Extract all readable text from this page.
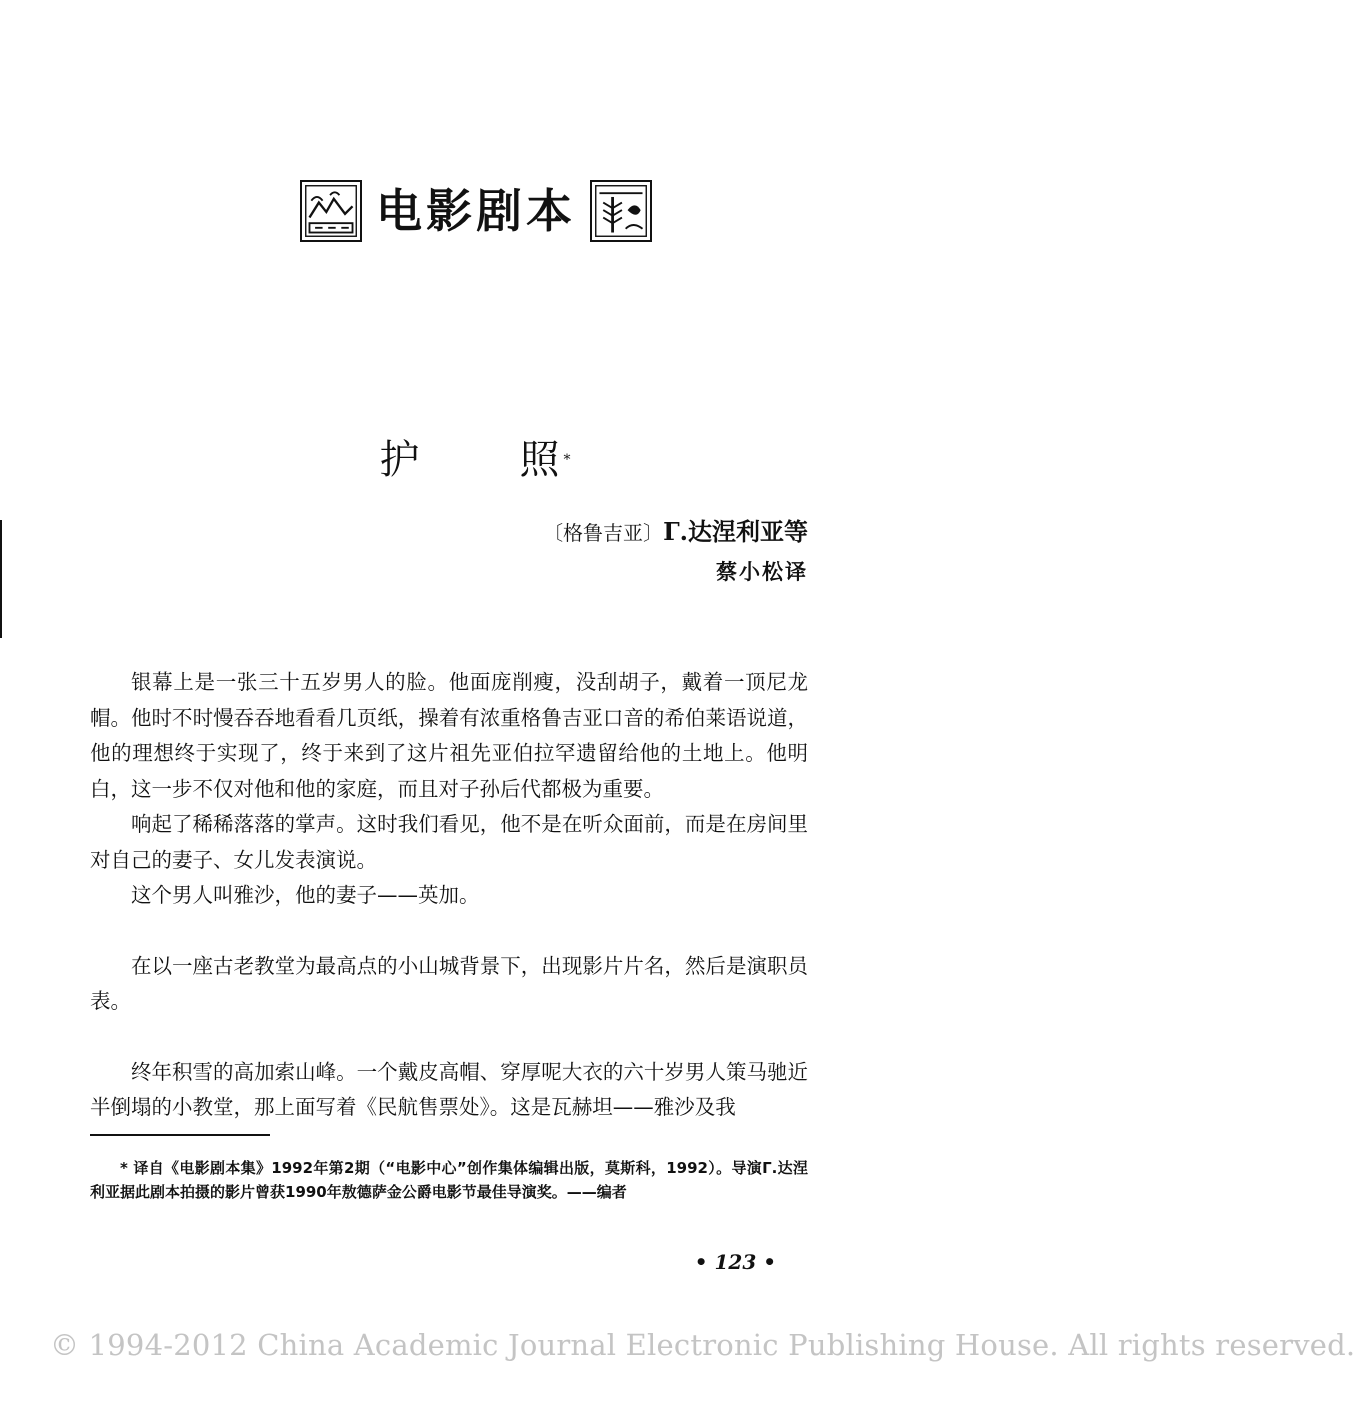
电影剧本
护	照 *
〔格鲁吉亚〕Г.达涅利亚等
蔡小松译

银幕上是一张三十五岁男人的脸。他面庞削瘦，没刮胡子，戴着一顶尼龙帽。他时不时慢吞吞地看看几页纸，操着有浓重格鲁吉亚口音的希伯莱语说道，他的理想终于实现了，终于来到了这片祖先亚伯拉罕遗留给他的土地上。他明白，这一步不仅对他和他的家庭，而且对子孙后代都极为重要。

响起了稀稀落落的掌声。这时我们看见，他不是在听众面前，而是在房间里对自己的妻子、女儿发表演说。

这个男人叫雅沙，他的妻子——英加。

在以一座古老教堂为最高点的小山城背景下，出现影片片名，然后是演职员表。

终年积雪的高加索山峰。一个戴皮高帽、穿厚呢大衣的六十岁男人策马驰近半倒塌的小教堂，那上面写着《民航售票处》。这是瓦赫坦——雅沙及我

* 译自《电影剧本集》1992年第2期（“电影中心”创作集体编辑出版，莫斯科，1992）。导演Г.达涅利亚据此剧本拍摄的影片曾获1990年敖德萨金公爵电影节最佳导演奖。——编者

• 123 •
© 1994-2012 China Academic Journal Electronic Publishing House. All rights reserved.
